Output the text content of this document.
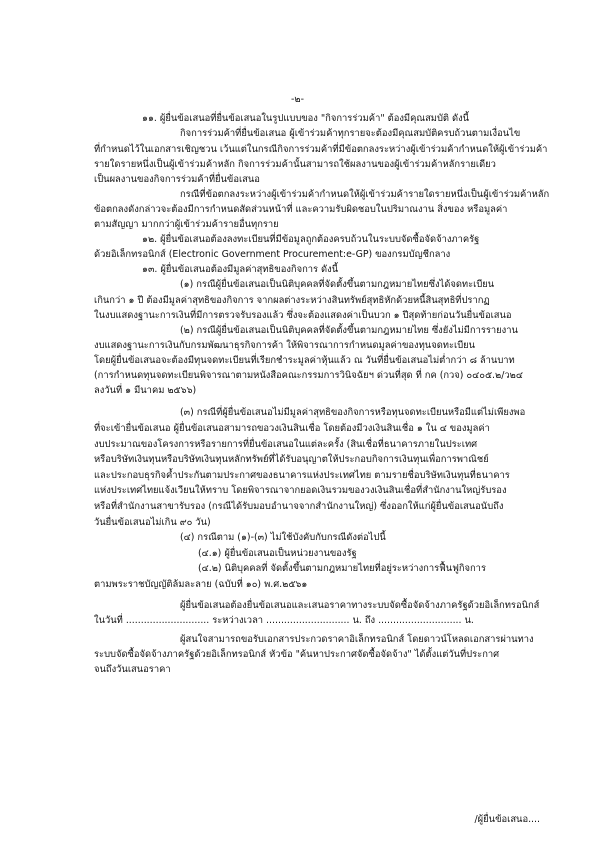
-๒-
๑๑. ผู้ยื่นข้อเสนอที่ยื่นข้อเสนอในรูปแบบของ "กิจการร่วมค้า" ต้องมีคุณสมบัติ ดังนี้
กิจการร่วมค้าที่ยื่นข้อเสนอ ผู้เข้าร่วมค้าทุกรายจะต้องมีคุณสมบัติครบถ้วนตามเงื่อนไข
ที่กำหนดไว้ในเอกสารเชิญชวน เว้นแต่ในกรณีกิจการร่วมค้าที่มีข้อตกลงระหว่างผู้เข้าร่วมค้ากำหนดให้ผู้เข้าร่วมค้า
รายใดรายหนึ่งเป็นผู้เข้าร่วมค้าหลัก กิจการร่วมค้านั้นสามารถใช้ผลงานของผู้เข้าร่วมค้าหลักรายเดียว
เป็นผลงานของกิจการร่วมค้าที่ยื่นข้อเสนอ
กรณีที่ข้อตกลงระหว่างผู้เข้าร่วมค้ากำหนดให้ผู้เข้าร่วมค้ารายใดรายหนึ่งเป็นผู้เข้าร่วมค้าหลัก
ข้อตกลงดังกล่าวจะต้องมีการกำหนดสัดส่วนหน้าที่ และความรับผิดชอบในปริมาณงาน สิ่งของ หรือมูลค่า
ตามสัญญา มากกว่าผู้เข้าร่วมค้ารายอื่นทุกราย
๑๒. ผู้ยื่นข้อเสนอต้องลงทะเบียนที่มีข้อมูลถูกต้องครบถ้วนในระบบจัดซื้อจัดจ้างภาครัฐ
ด้วยอิเล็กทรอนิกส์ (Electronic Government Procurement:e-GP) ของกรมบัญชีกลาง
๑๓. ผู้ยื่นข้อเสนอต้องมีมูลค่าสุทธิของกิจการ ดังนี้
(๑) กรณีผู้ยื่นข้อเสนอเป็นนิติบุคคลที่จัดตั้งขึ้นตามกฎหมายไทยซึ่งได้จดทะเบียน
เกินกว่า ๑ ปี ต้องมีมูลค่าสุทธิของกิจการ จากผลต่างระหว่างสินทรัพย์สุทธิหักด้วยหนี้สินสุทธิที่ปรากฏ
ในงบแสดงฐานะการเงินที่มีการตรวจรับรองแล้ว ซึ่งจะต้องแสดงค่าเป็นบวก ๑ ปีสุดท้ายก่อนวันยื่นข้อเสนอ
(๒) กรณีผู้ยื่นข้อเสนอเป็นนิติบุคคลที่จัดตั้งขึ้นตามกฎหมายไทย ซึ่งยังไม่มีการรายงาน
งบแสดงฐานะการเงินกับกรมพัฒนาธุรกิจการค้า ให้พิจารณาการกำหนดมูลค่าของทุนจดทะเบียน
โดยผู้ยื่นข้อเสนอจะต้องมีทุนจดทะเบียนที่เรียกชำระมูลค่าหุ้นแล้ว ณ วันที่ยื่นข้อเสนอไม่ต่ำกว่า ๘ ล้านบาท
(การกำหนดทุนจดทะเบียนพิจารณาตามหนังสือคณะกรรมการวินิจฉัยฯ ด่วนที่สุด ที่ กค (กวจ) ๐๔๐๕.๒/ว๒๔
ลงวันที่ ๑ มีนาคม ๒๕๖๖)
(๓) กรณีที่ผู้ยื่นข้อเสนอไม่มีมูลค่าสุทธิของกิจการหรือทุนจดทะเบียนหรือมีแต่ไม่เพียงพอ
ที่จะเข้ายื่นข้อเสนอ ผู้ยื่นข้อเสนอสามารถขอวงเงินสินเชื่อ โดยต้องมีวงเงินสินเชื่อ ๑ ใน ๔ ของมูลค่า
งบประมาณของโครงการหรือรายการที่ยื่นข้อเสนอในแต่ละครั้ง (สินเชื่อที่ธนาคารภายในประเทศ
หรือบริษัทเงินทุนหรือบริษัทเงินทุนหลักทรัพย์ที่ได้รับอนุญาตให้ประกอบกิจการเงินทุนเพื่อการพาณิชย์
และประกอบธุรกิจค้ำประกันตามประกาศของธนาคารแห่งประเทศไทย ตามรายชื่อบริษัทเงินทุนที่ธนาคาร
แห่งประเทศไทยแจ้งเวียนให้ทราบ โดยพิจารณาจากยอดเงินรวมของวงเงินสินเชื่อที่สำนักงานใหญ่รับรอง
หรือที่สำนักงานสาขารับรอง (กรณีได้รับมอบอำนาจจากสำนักงานใหญ่) ซึ่งออกให้แก่ผู้ยื่นข้อเสนอนับถึง
วันยื่นข้อเสนอไม่เกิน ๙๐ วัน)
(๔) กรณีตาม (๑)-(๓) ไม่ใช้บังคับกับกรณีดังต่อไปนี้
(๔.๑) ผู้ยื่นข้อเสนอเป็นหน่วยงานของรัฐ
(๔.๒) นิติบุคคลที่ จัดตั้งขึ้นตามกฎหมายไทยที่อยู่ระหว่างการฟื้นฟูกิจการ
ตามพระราชบัญญัติล้มละลาย (ฉบับที่ ๑๐) พ.ศ.๒๕๖๑
ผู้ยื่นข้อเสนอต้องยื่นข้อเสนอและเสนอราคาทางระบบจัดซื้อจัดจ้างภาครัฐด้วยอิเล็กทรอนิกส์
ในวันที่ ............................ ระหว่างเวลา ............................ น. ถึง ............................ น.
ผู้สนใจสามารถขอรับเอกสารประกวดราคาอิเล็กทรอนิกส์ โดยดาวน์โหลดเอกสารผ่านทาง
ระบบจัดซื้อจัดจ้างภาครัฐด้วยอิเล็กทรอนิกส์ หัวข้อ "ค้นหาประกาศจัดซื้อจัดจ้าง" ได้ตั้งแต่วันที่ประกาศ
จนถึงวันเสนอราคา
/ผู้ยื่นข้อเสนอ....
